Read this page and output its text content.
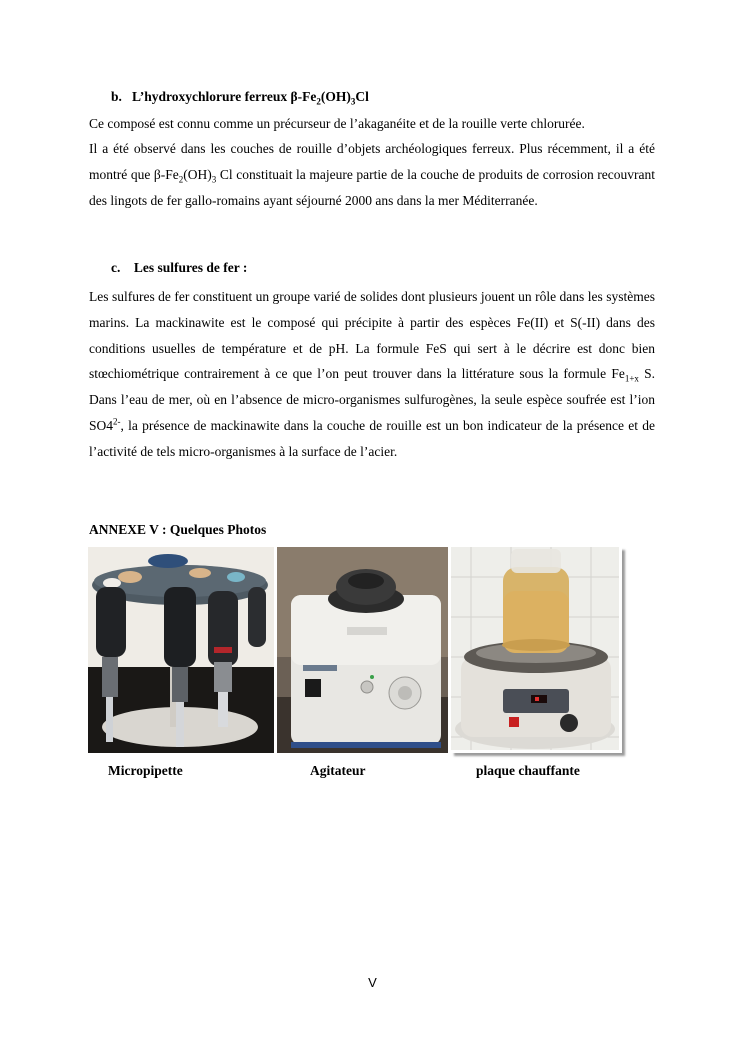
b. L’hydroxychlorure ferreux $\beta-Fe_2(OH)_3Cl$

Ce composé est connu comme un précurseur de l’akaganéite et de la rouille verte chlorurée.

Il a été observé dans les couches de rouille d’objets archéologiques ferreux. Plus récemment, il a été montré que $\beta-Fe_2(OH)_3$ Cl constituait la majeure partie de la couche de produits de corrosion recouvrant des lingots de fer gallo-romains ayant séjourné 2000 ans dans la mer Méditerranée.

c. Les sulfures de fer :

Les sulfures de fer constituent un groupe varié de solides dont plusieurs jouent un rôle dans les systèmes marins. La mackinawite est le composé qui précipite à partir des espèces Fe(II) et S(-II) dans des conditions usuelles de température et de pH. La formule FeS qui sert à le décrire est donc bien stœchiométrique contrairement à ce que l’on peut trouver dans la littérature sous la formule $Fe_{1+x}$ S. Dans l’eau de mer, où en l’absence de micro-organismes sulfurogènes, la seule espèce soufrée est l’ion $SO4^{2-}$, la présence de mackinawite dans la couche de rouille est un bon indicateur de la présence et de l’activité de tels micro-organismes à la surface de l’acier.

ANNEXE V : Quelques Photos
Micropipette	Agitateur	plaque chauffante
V
